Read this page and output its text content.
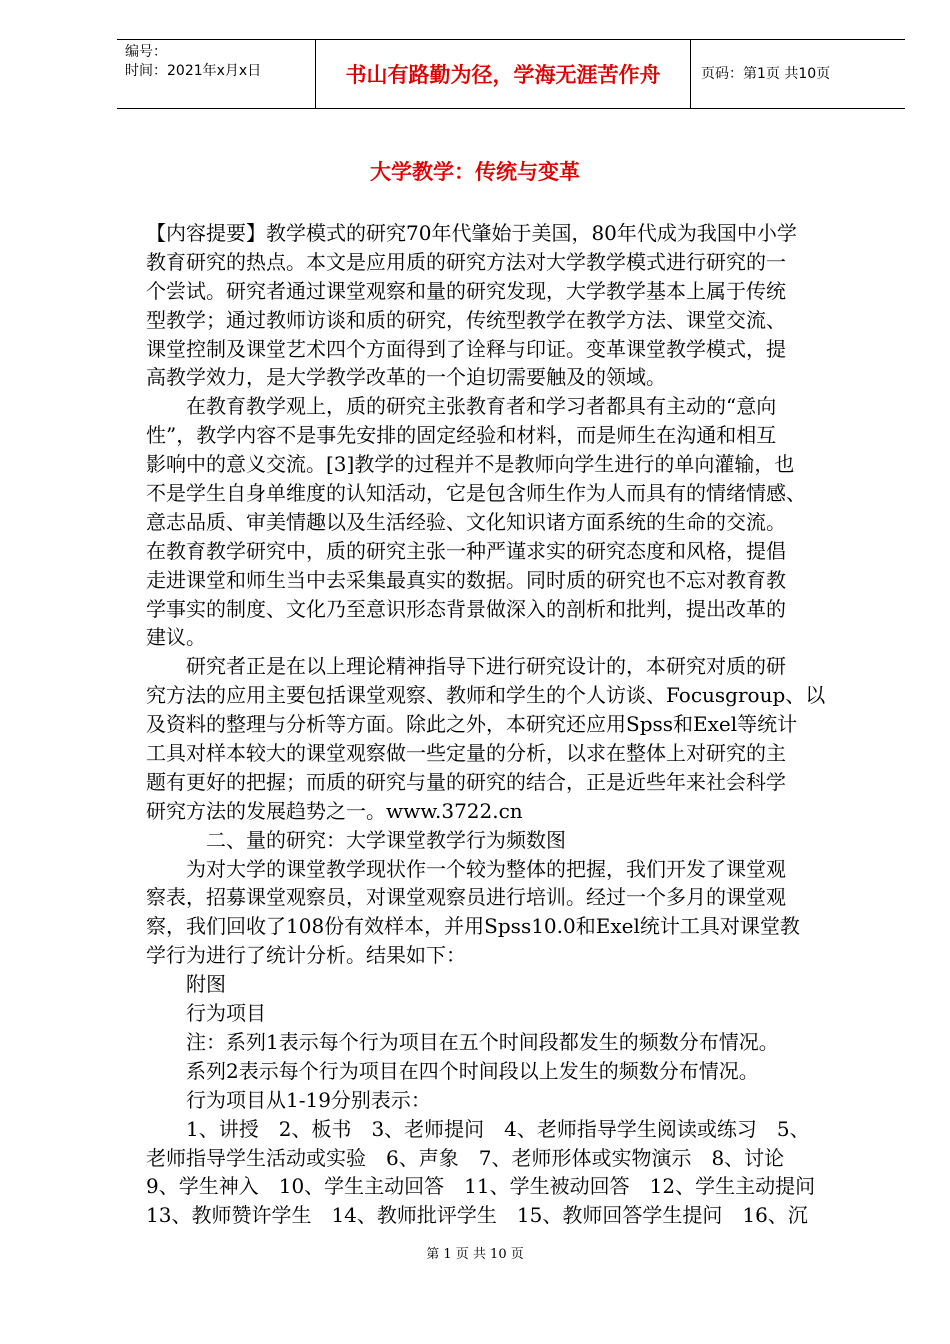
编号：
时间：2021年x月x日	书山有路勤为径，学海无涯苦作舟	页码：第1页 共10页
大学教学：传统与变革
【内容提要】教学模式的研究70年代肇始于美国，80年代成为我国中小学
教育研究的热点。本文是应用质的研究方法对大学教学模式进行研究的一
个尝试。研究者通过课堂观察和量的研究发现，大学教学基本上属于传统
型教学；通过教师访谈和质的研究，传统型教学在教学方法、课堂交流、
课堂控制及课堂艺术四个方面得到了诠释与印证。变革课堂教学模式，提
高教学效力，是大学教学改革的一个迫切需要触及的领域。
　　在教育教学观上，质的研究主张教育者和学习者都具有主动的“意向
性”，教学内容不是事先安排的固定经验和材料，而是师生在沟通和相互
影响中的意义交流。[3]教学的过程并不是教师向学生进行的单向灌输，也
不是学生自身单维度的认知活动，它是包含师生作为人而具有的情绪情感、
意志品质、审美情趣以及生活经验、文化知识诸方面系统的生命的交流。
在教育教学研究中，质的研究主张一种严谨求实的研究态度和风格，提倡
走进课堂和师生当中去采集最真实的数据。同时质的研究也不忘对教育教
学事实的制度、文化乃至意识形态背景做深入的剖析和批判，提出改革的
建议。
　　研究者正是在以上理论精神指导下进行研究设计的，本研究对质的研
究方法的应用主要包括课堂观察、教师和学生的个人访谈、Focusgroup、以
及资料的整理与分析等方面。除此之外，本研究还应用Spss和Exel等统计
工具对样本较大的课堂观察做一些定量的分析，以求在整体上对研究的主
题有更好的把握；而质的研究与量的研究的结合，正是近些年来社会科学
研究方法的发展趋势之一。www.3722.cn
　　　二、量的研究：大学课堂教学行为频数图
　　为对大学的课堂教学现状作一个较为整体的把握，我们开发了课堂观
察表，招募课堂观察员，对课堂观察员进行培训。经过一个多月的课堂观
察，我们回收了108份有效样本，并用Spss10.0和Exel统计工具对课堂教
学行为进行了统计分析。结果如下：
　　附图
　　行为项目
　　注：系列1表示每个行为项目在五个时间段都发生的频数分布情况。
　　系列2表示每个行为项目在四个时间段以上发生的频数分布情况。
　　行为项目从1-19分别表示：
　　1、讲授　2、板书　3、老师提问　4、老师指导学生阅读或练习　5、
老师指导学生活动或实验　6、声象　7、老师形体或实物演示　8、讨论
9、学生神入　10、学生主动回答　11、学生被动回答　12、学生主动提问
13、教师赞许学生　14、教师批评学生　15、教师回答学生提问　16、沉
第 1 页 共 10 页
